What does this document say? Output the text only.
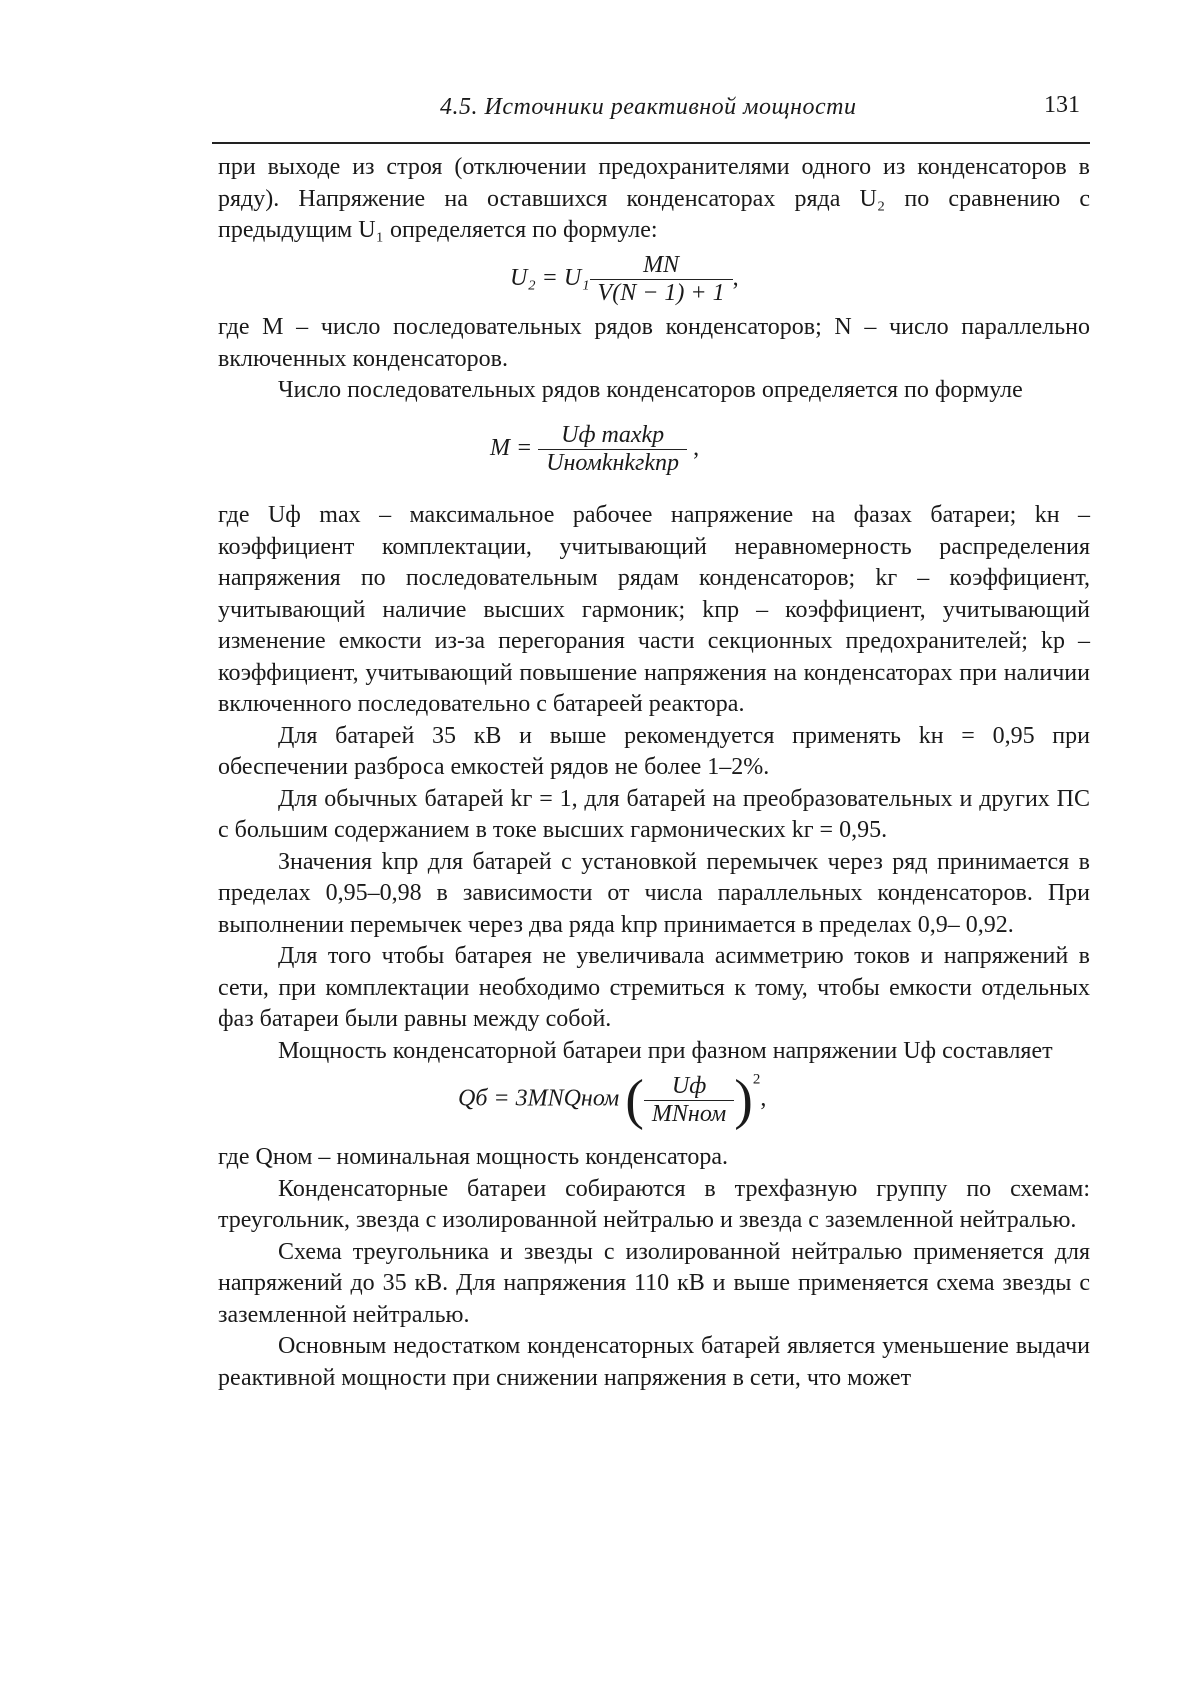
4.5. Источники реактивной мощности	131

при выходе из строя (отключении предохранителями одного из конденсаторов в ряду). Напряжение на оставшихся конденсаторах ряда U₂ по сравнению с предыдущим U₁ определяется по формуле:

$U_2 = U_1 \frac{MN}{V(N - 1) + 1}$ ,

где M – число последовательных рядов конденсаторов; N – число параллельно включенных конденсаторов.

Число последовательных рядов конденсаторов определяется по формуле

$M = \frac{\text{Uф maxkр}}{\text{Uномkнkгkпр}}$ ,

где Uф max – максимальное рабочее напряжение на фазах батареи; kн – коэффициент комплектации, учитывающий неравномерность распределения напряжения по последовательным рядам конденсаторов; kг – коэффициент, учитывающий наличие высших гармоник; kпр – коэффициент, учитывающий изменение емкости из-за перегорания части секционных предохранителей; kр – коэффициент, учитывающий повышение напряжения на конденсаторах при наличии включенного последовательно с батареей реактора.

Для батарей 35 кВ и выше рекомендуется применять kн = 0,95 при обеспечении разброса емкостей рядов не более 1–2%.

Для обычных батарей kг = 1, для батарей на преобразовательных и других ПС с большим содержанием в токе высших гармонических kг = 0,95.

Значения kпр для батарей с установкой перемычек через ряд принимается в пределах 0,95–0,98 в зависимости от числа параллельных конденсаторов. При выполнении перемычек через два ряда kпр принимается в пределах 0,9– 0,92.

Для того чтобы батарея не увеличивала асимметрию токов и напряжений в сети, при комплектации необходимо стремиться к тому, чтобы емкости отдельных фаз батареи были равны между собой.

Мощность конденсаторной батареи при фазном напряжении Uф составляет

Qб = 3MNQном ( $\frac{Uф}{\text{MNном}} )^2$,

где Qном – номинальная мощность конденсатора.

Конденсаторные батареи собираются в трехфазную группу по схемам: треугольник, звезда с изолированной нейтралью и звезда с заземленной нейтралью.

Схема треугольника и звезды с изолированной нейтралью применяется для напряжений до 35 кВ. Для напряжения 110 кВ и выше применяется схема звезды с заземленной нейтралью.

Основным недостатком конденсаторных батарей является уменьшение выдачи реактивной мощности при снижении напряжения в сети, что может
